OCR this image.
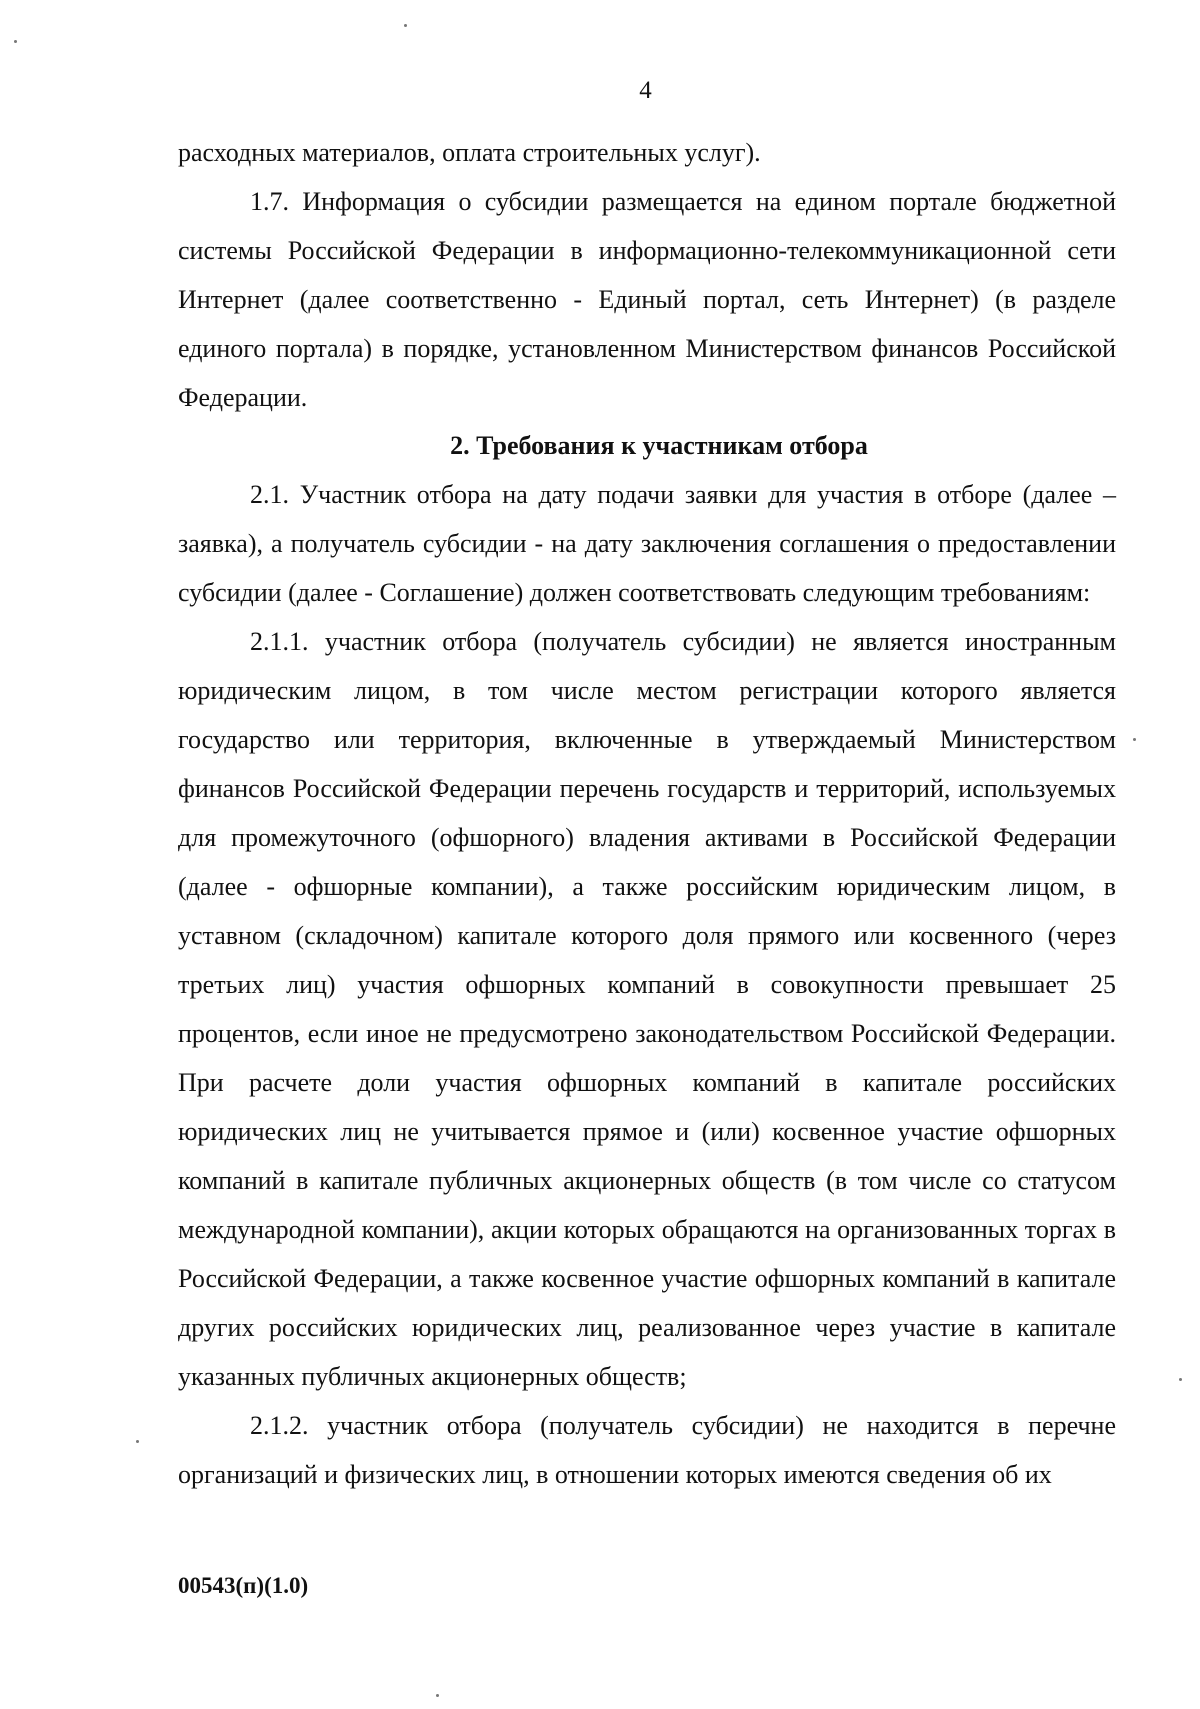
4

расходных материалов, оплата строительных услуг).

1.7. Информация о субсидии размещается на едином портале бюджетной системы Российской Федерации в информационно-телекоммуникационной сети Интернет (далее соответственно - Единый портал, сеть Интернет) (в разделе единого портала) в порядке, установленном Министерством финансов Российской Федерации.

2. Требования к участникам отбора

2.1. Участник отбора на дату подачи заявки для участия в отборе (далее – заявка), а получатель субсидии - на дату заключения соглашения о предоставлении субсидии (далее - Соглашение) должен соответствовать следующим требованиям:

2.1.1. участник отбора (получатель субсидии) не является иностранным юридическим лицом, в том числе местом регистрации которого является государство или территория, включенные в утверждаемый Министерством финансов Российской Федерации перечень государств и территорий, используемых для промежуточного (офшорного) владения активами в Российской Федерации (далее - офшорные компании), а также российским юридическим лицом, в уставном (складочном) капитале которого доля прямого или косвенного (через третьих лиц) участия офшорных компаний в совокупности превышает 25 процентов, если иное не предусмотрено законодательством Российской Федерации. При расчете доли участия офшорных компаний в капитале российских юридических лиц не учитывается прямое и (или) косвенное участие офшорных компаний в капитале публичных акционерных обществ (в том числе со статусом международной компании), акции которых обращаются на организованных торгах в Российской Федерации, а также косвенное участие офшорных компаний в капитале других российских юридических лиц, реализованное через участие в капитале указанных публичных акционерных обществ;

2.1.2. участник отбора (получатель субсидии) не находится в перечне организаций и физических лиц, в отношении которых имеются сведения об их

00543(п)(1.0)
